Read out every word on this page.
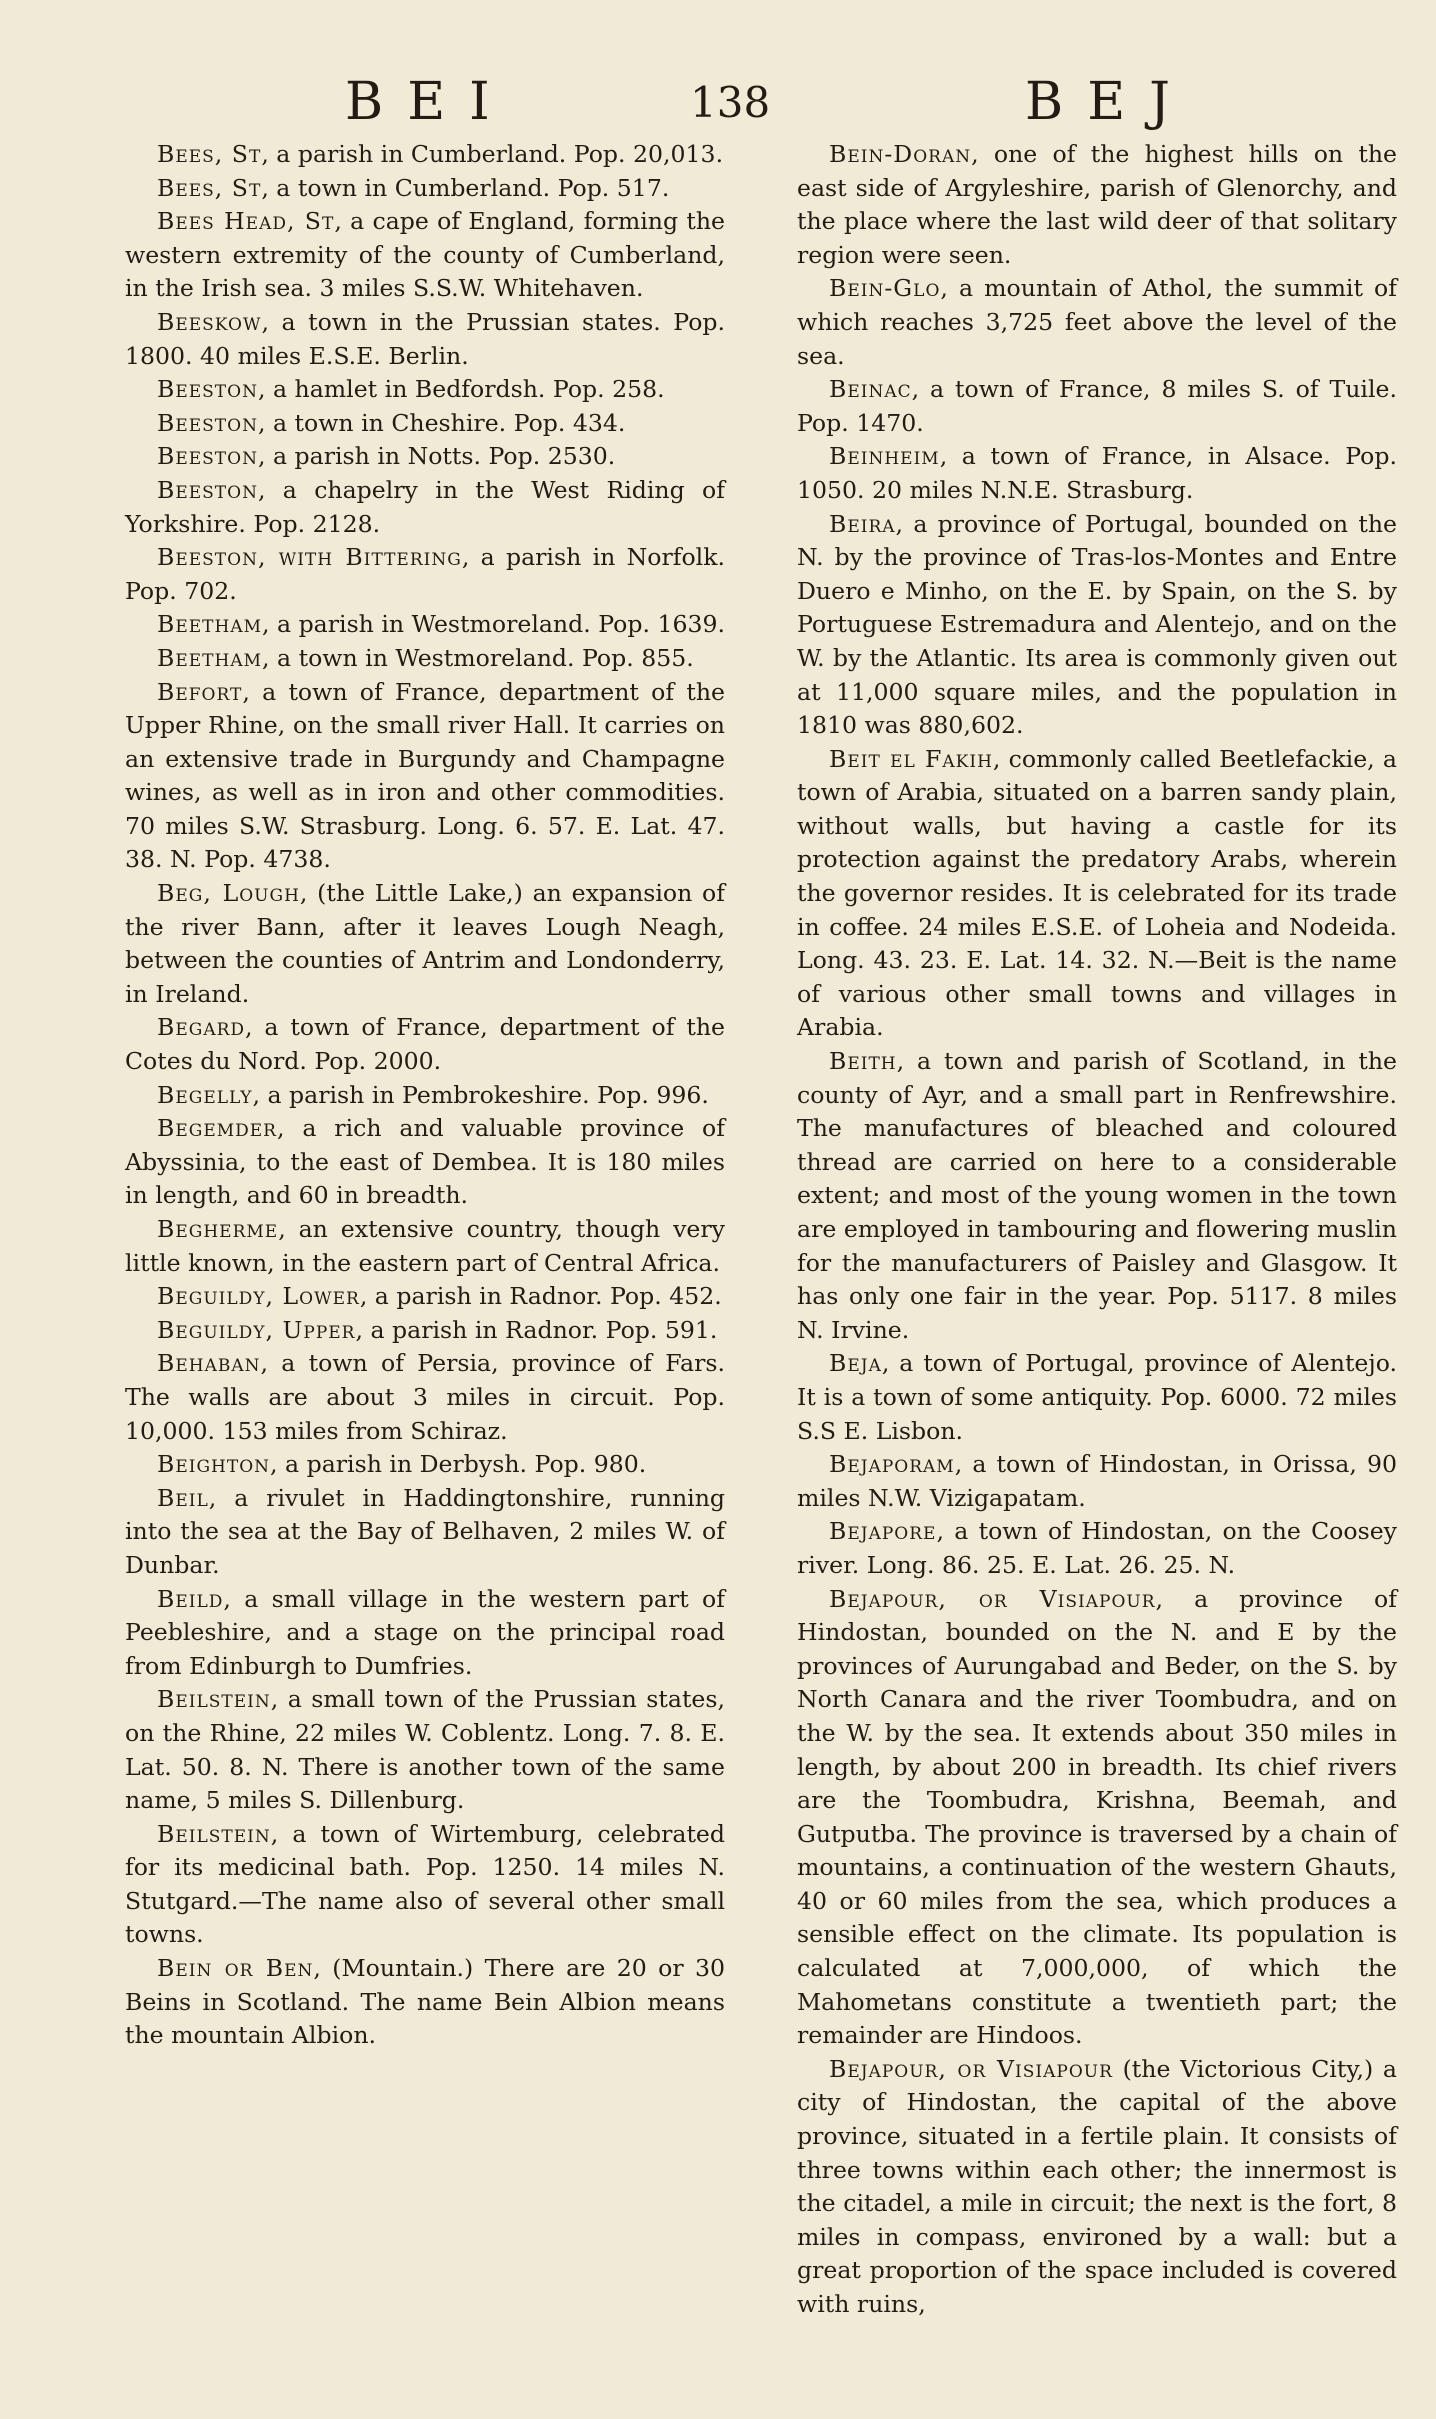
BEI	138	BEJ

Bees, St, a parish in Cumberland. Pop. 20,013.

Bees, St, a town in Cumberland. Pop. 517.

Bees Head, St, a cape of England, forming the western extremity of the county of Cumberland, in the Irish sea. 3 miles S.S.W. Whitehaven.

Beeskow, a town in the Prussian states. Pop. 1800. 40 miles E.S.E. Berlin.

Beeston, a hamlet in Bedfordsh. Pop. 258.

Beeston, a town in Cheshire. Pop. 434.

Beeston, a parish in Notts. Pop. 2530.

Beeston, a chapelry in the West Riding of Yorkshire. Pop. 2128.

Beeston, with Bittering, a parish in Norfolk. Pop. 702.

Beetham, a parish in Westmoreland. Pop. 1639.

Beetham, a town in Westmoreland. Pop. 855.

Befort, a town of France, department of the Upper Rhine, on the small river Hall. It carries on an extensive trade in Burgundy and Champagne wines, as well as in iron and other commodities. 70 miles S.W. Strasburg. Long. 6. 57. E. Lat. 47. 38. N. Pop. 4738.

Beg, Lough, (the Little Lake,) an expansion of the river Bann, after it leaves Lough Neagh, between the counties of Antrim and Londonderry, in Ireland.

Begard, a town of France, department of the Cotes du Nord. Pop. 2000.

Begelly, a parish in Pembrokeshire. Pop. 996.

Begemder, a rich and valuable province of Abyssinia, to the east of Dembea. It is 180 miles in length, and 60 in breadth.

Begherme, an extensive country, though very little known, in the eastern part of Central Africa.

Beguildy, Lower, a parish in Radnor. Pop. 452.

Beguildy, Upper, a parish in Radnor. Pop. 591.

Behaban, a town of Persia, province of Fars. The walls are about 3 miles in circuit. Pop. 10,000. 153 miles from Schiraz.

Beighton, a parish in Derbysh. Pop. 980.

Beil, a rivulet in Haddingtonshire, running into the sea at the Bay of Belhaven, 2 miles W. of Dunbar.

Beild, a small village in the western part of Peebleshire, and a stage on the principal road from Edinburgh to Dumfries.

Beilstein, a small town of the Prussian states, on the Rhine, 22 miles W. Coblentz. Long. 7. 8. E. Lat. 50. 8. N. There is another town of the same name, 5 miles S. Dillenburg.

Beilstein, a town of Wirtemburg, celebrated for its medicinal bath. Pop. 1250. 14 miles N. Stutgard.—The name also of several other small towns.

Bein or Ben, (Mountain.) There are 20 or 30 Beins in Scotland. The name Bein Albion means the mountain Albion.

Bein-Doran, one of the highest hills on the east side of Argyleshire, parish of Glenorchy, and the place where the last wild deer of that solitary region were seen.

Bein-Glo, a mountain of Athol, the summit of which reaches 3,725 feet above the level of the sea.

Beinac, a town of France, 8 miles S. of Tuile. Pop. 1470.

Beinheim, a town of France, in Alsace. Pop. 1050. 20 miles N.N.E. Strasburg.

Beira, a province of Portugal, bounded on the N. by the province of Tras-los-Montes and Entre Duero e Minho, on the E. by Spain, on the S. by Portuguese Estremadura and Alentejo, and on the W. by the Atlantic. Its area is commonly given out at 11,000 square miles, and the population in 1810 was 880,602.

Beit el Fakih, commonly called Beetlefackie, a town of Arabia, situated on a barren sandy plain, without walls, but having a castle for its protection against the predatory Arabs, wherein the governor resides. It is celebrated for its trade in coffee. 24 miles E.S.E. of Loheia and Nodeida. Long. 43. 23. E. Lat. 14. 32. N.—Beit is the name of various other small towns and villages in Arabia.

Beith, a town and parish of Scotland, in the county of Ayr, and a small part in Renfrewshire. The manufactures of bleached and coloured thread are carried on here to a considerable extent; and most of the young women in the town are employed in tambouring and flowering muslin for the manufacturers of Paisley and Glasgow. It has only one fair in the year. Pop. 5117. 8 miles N. Irvine.

Beja, a town of Portugal, province of Alentejo. It is a town of some antiquity. Pop. 6000. 72 miles S.S E. Lisbon.

Bejaporam, a town of Hindostan, in Orissa, 90 miles N.W. Vizigapatam.

Bejapore, a town of Hindostan, on the Coosey river. Long. 86. 25. E. Lat. 26. 25. N.

Bejapour, or Visiapour, a province of Hindostan, bounded on the N. and E by the provinces of Aurungabad and Beder, on the S. by North Canara and the river Toombudra, and on the W. by the sea. It extends about 350 miles in length, by about 200 in breadth. Its chief rivers are the Toombudra, Krishna, Beemah, and Gutputba. The province is traversed by a chain of mountains, a continuation of the western Ghauts, 40 or 60 miles from the sea, which produces a sensible effect on the climate. Its population is calculated at 7,000,000, of which the Mahometans constitute a twentieth part; the remainder are Hindoos.

Bejapour, or Visiapour (the Victorious City,) a city of Hindostan, the capital of the above province, situated in a fertile plain. It consists of three towns within each other; the innermost is the citadel, a mile in circuit; the next is the fort, 8 miles in compass, environed by a wall: but a great proportion of the space included is covered with ruins,
